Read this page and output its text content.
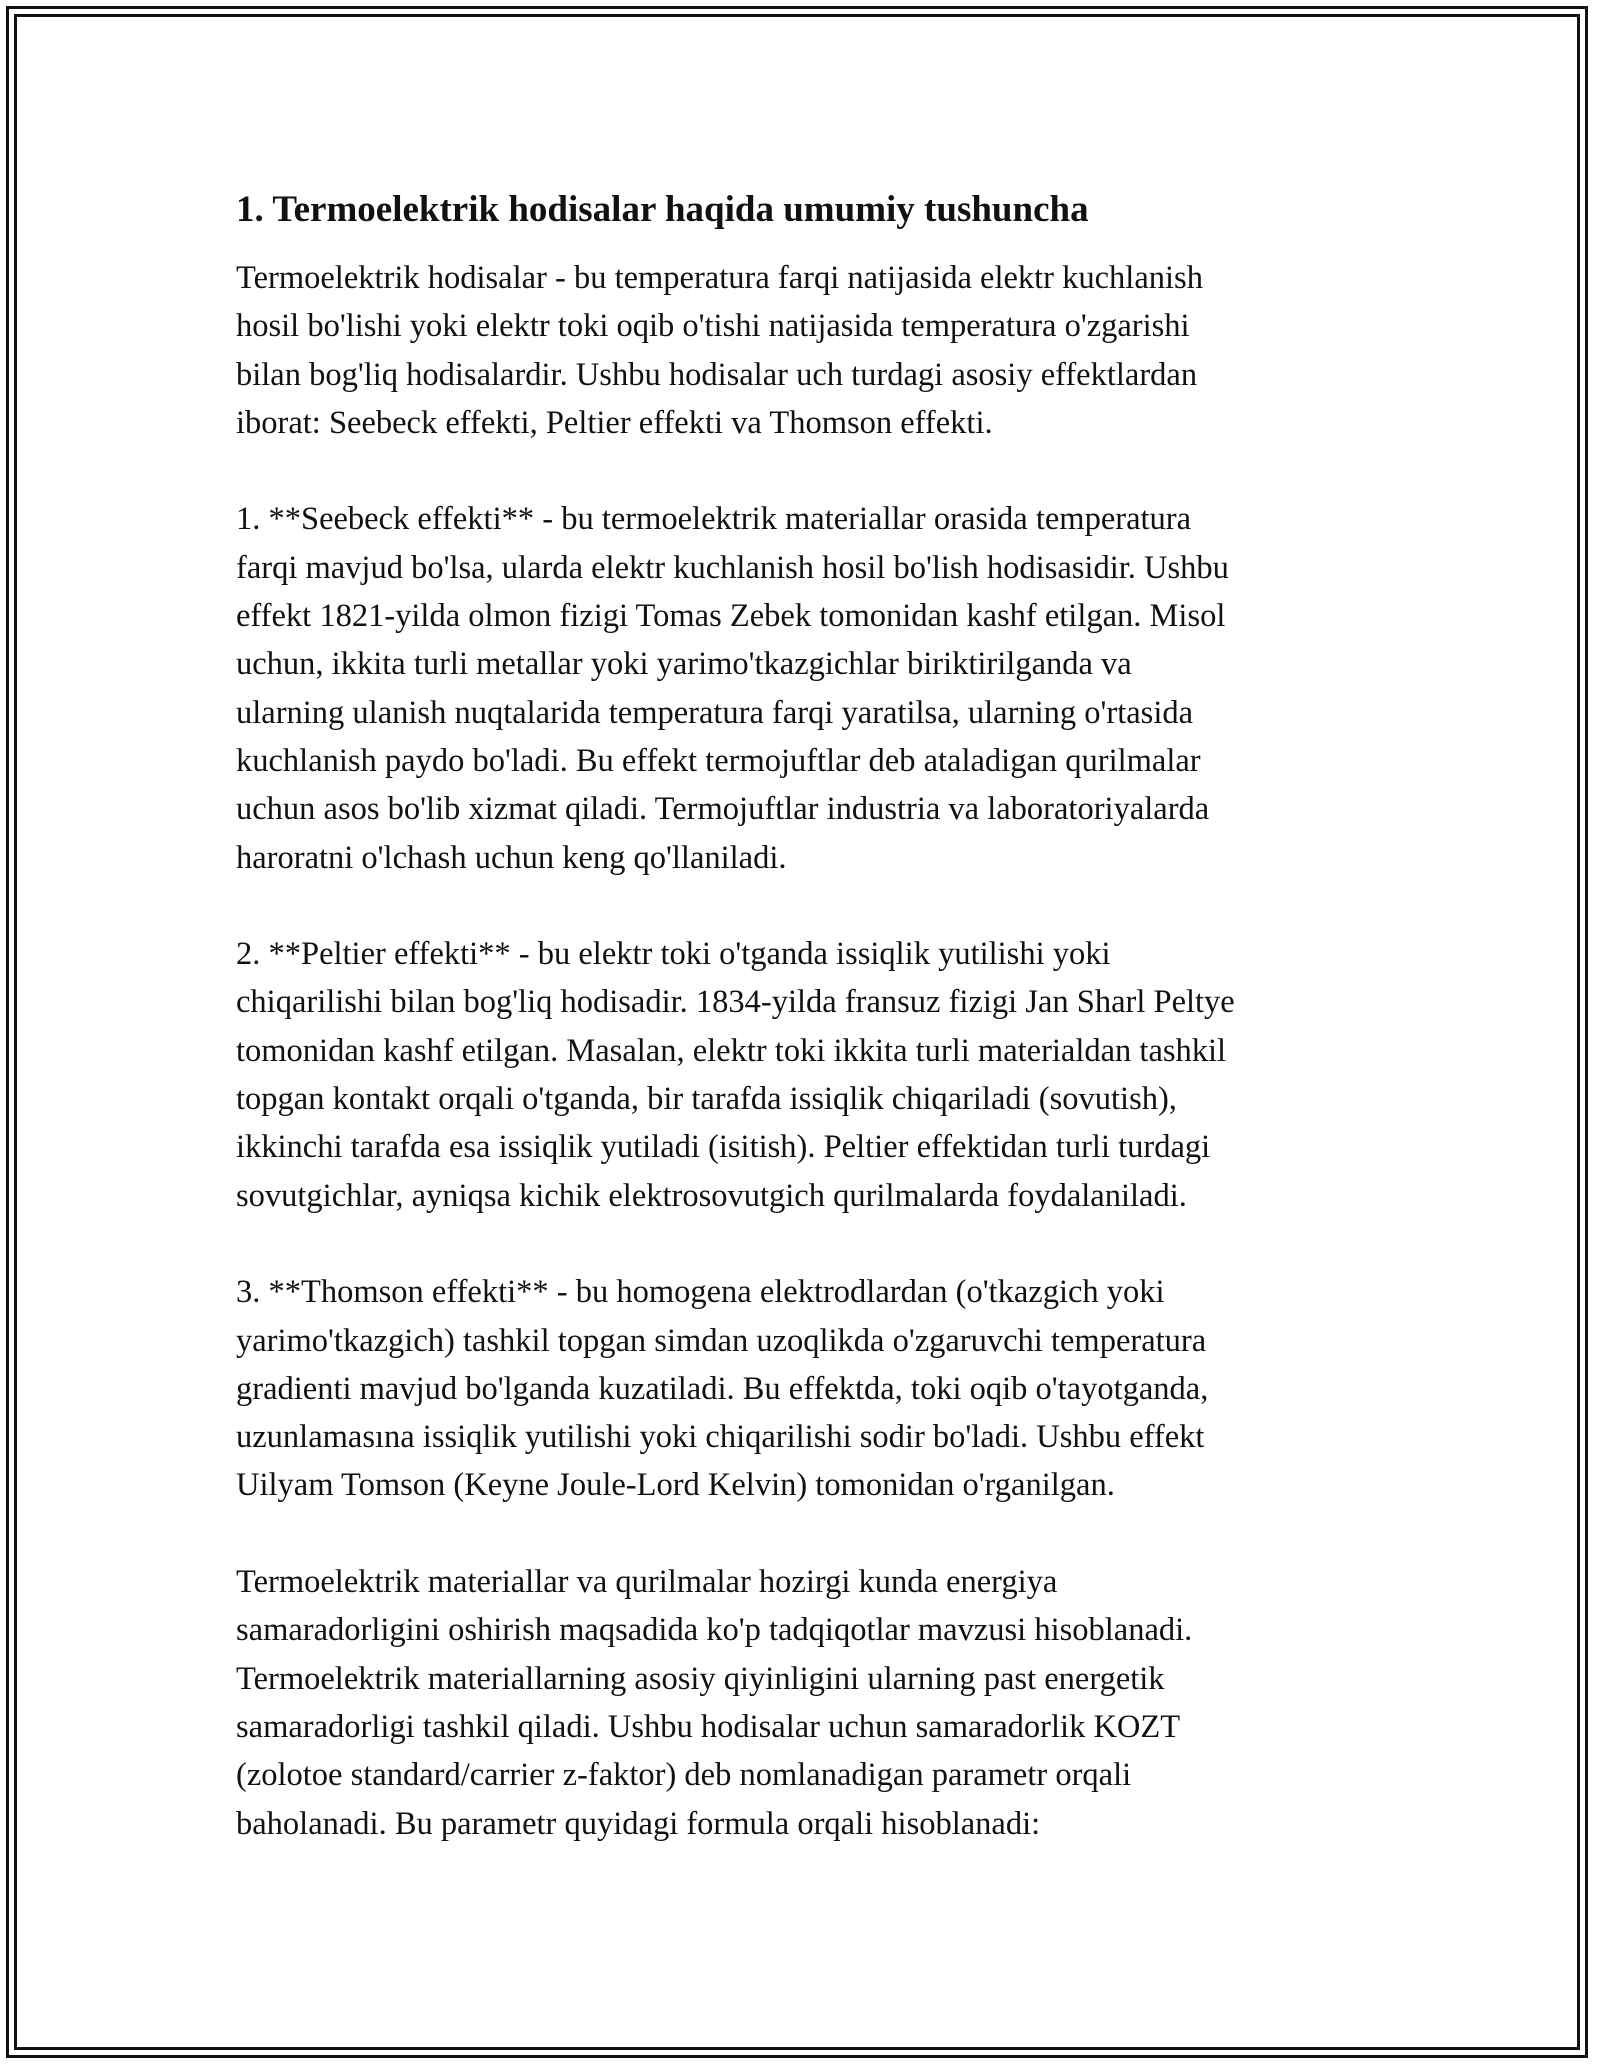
1. Termoelektrik hodisalar haqida umumiy tushuncha
Termoelektrik hodisalar - bu temperatura farqi natijasida elektr kuchlanish
hosil bo'lishi yoki elektr toki oqib o'tishi natijasida temperatura o'zgarishi
bilan bog'liq hodisalardir. Ushbu hodisalar uch turdagi asosiy effektlardan
iborat: Seebeck effekti, Peltier effekti va Thomson effekti.
1. **Seebeck effekti** - bu termoelektrik materiallar orasida temperatura
farqi mavjud bo'lsa, ularda elektr kuchlanish hosil bo'lish hodisasidir. Ushbu
effekt 1821-yilda olmon fizigi Tomas Zebek tomonidan kashf etilgan. Misol
uchun, ikkita turli metallar yoki yarimo'tkazgichlar biriktirilganda va
ularning ulanish nuqtalarida temperatura farqi yaratilsa, ularning o'rtasida
kuchlanish paydo bo'ladi. Bu effekt termojuftlar deb ataladigan qurilmalar
uchun asos bo'lib xizmat qiladi. Termojuftlar industria va laboratoriyalarda
haroratni o'lchash uchun keng qo'llaniladi.
2. **Peltier effekti** - bu elektr toki o'tganda issiqlik yutilishi yoki
chiqarilishi bilan bog'liq hodisadir. 1834-yilda fransuz fizigi Jan Sharl Peltye
tomonidan kashf etilgan. Masalan, elektr toki ikkita turli materialdan tashkil
topgan kontakt orqali o'tganda, bir tarafda issiqlik chiqariladi (sovutish),
ikkinchi tarafda esa issiqlik yutiladi (isitish). Peltier effektidan turli turdagi
sovutgichlar, ayniqsa kichik elektrosovutgich qurilmalarda foydalaniladi.
3. **Thomson effekti** - bu homogena elektrodlardan (o'tkazgich yoki
yarimo'tkazgich) tashkil topgan simdan uzoqlikda o'zgaruvchi temperatura
gradienti mavjud bo'lganda kuzatiladi. Bu effektda, toki oqib o'tayotganda,
uzunlamasına issiqlik yutilishi yoki chiqarilishi sodir bo'ladi. Ushbu effekt
Uilyam Tomson (Keyne Joule-Lord Kelvin) tomonidan o'rganilgan.
Termoelektrik materiallar va qurilmalar hozirgi kunda energiya
samaradorligini oshirish maqsadida ko'p tadqiqotlar mavzusi hisoblanadi.
Termoelektrik materiallarning asosiy qiyinligini ularning past energetik
samaradorligi tashkil qiladi. Ushbu hodisalar uchun samaradorlik KOZT
(zolotoe standard/carrier z-faktor) deb nomlanadigan parametr orqali
baholanadi. Bu parametr quyidagi formula orqali hisoblanadi:
